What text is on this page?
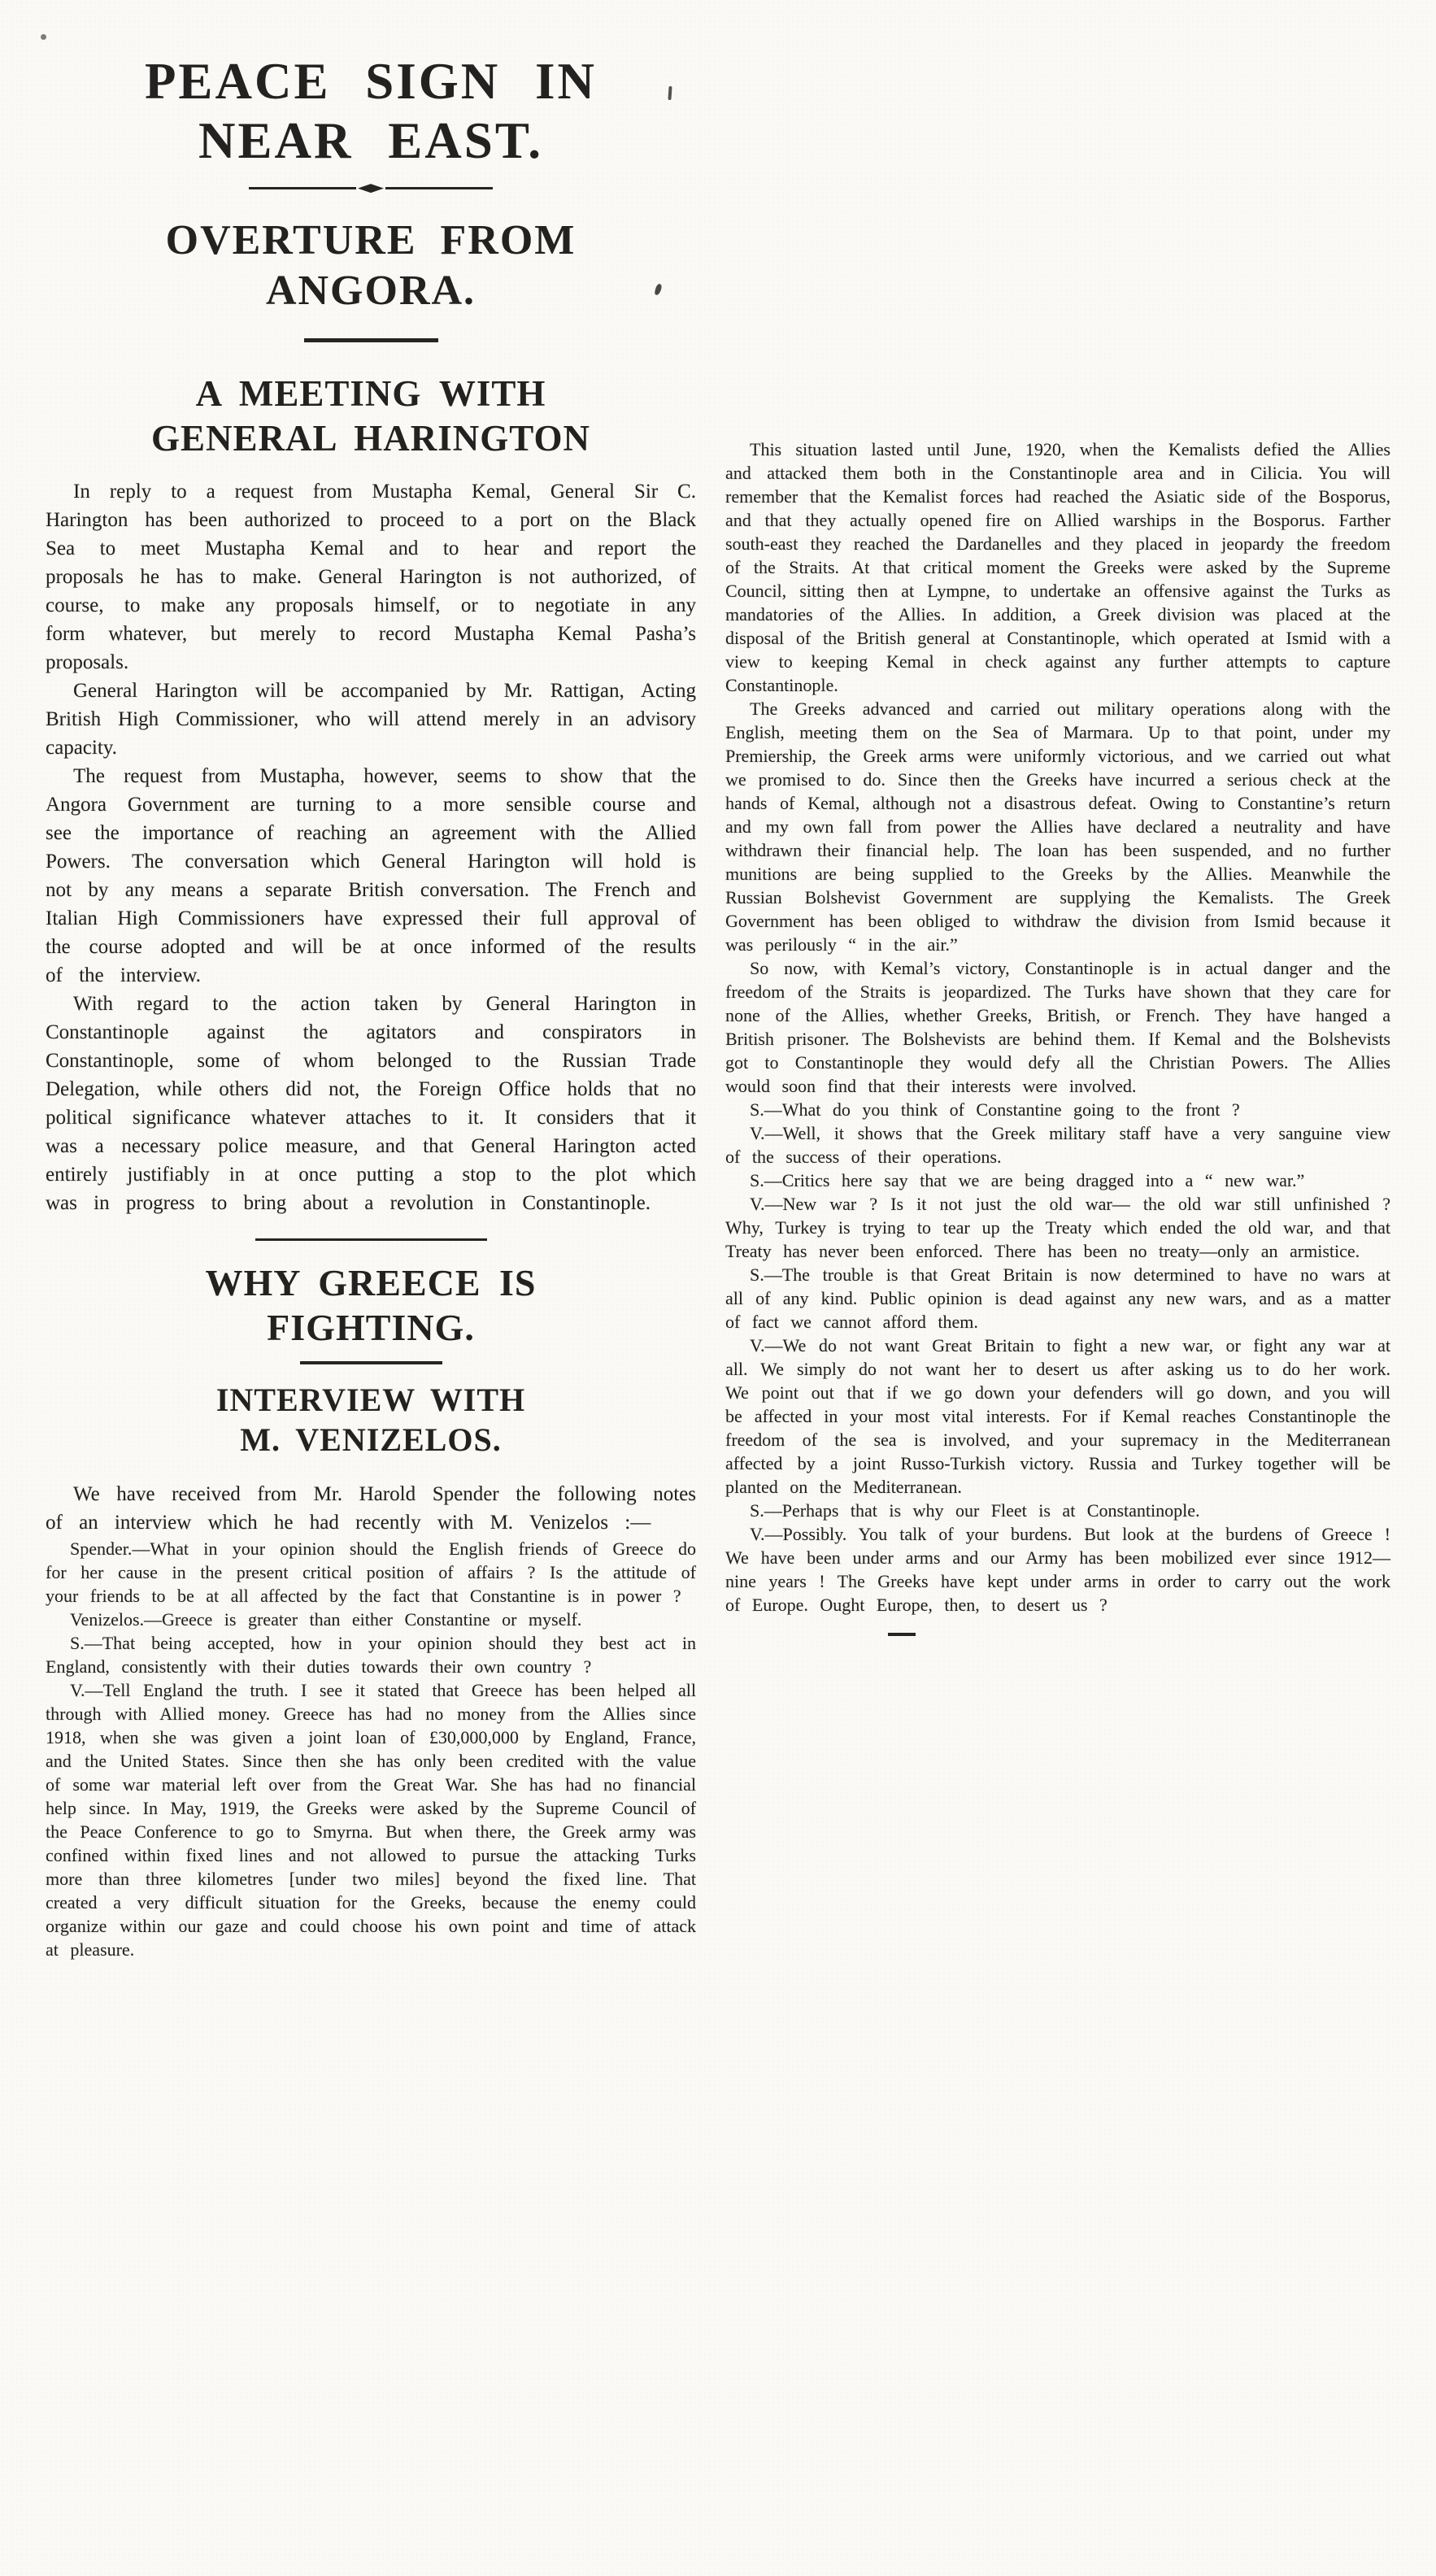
PEACE SIGN IN
NEAR EAST.
OVERTURE FROM
ANGORA.
A MEETING WITH
GENERAL HARINGTON

In reply to a request from Mustapha Kemal, General Sir C. Harington has been authorized to proceed to a port on the Black Sea to meet Mustapha Kemal and to hear and report the proposals he has to make. General Harington is not authorized, of course, to make any proposals himself, or to negotiate in any form whatever, but merely to record Mustapha Kemal Pasha’s proposals.

General Harington will be accompanied by Mr. Rattigan, Acting British High Commissioner, who will attend merely in an advisory capacity.

The request from Mustapha, however, seems to show that the Angora Government are turning to a more sensible course and see the importance of reaching an agreement with the Allied Powers. The conversation which General Harington will hold is not by any means a separate British conversation. The French and Italian High Commissioners have expressed their full approval of the course adopted and will be at once informed of the results of the interview.

With regard to the action taken by General Harington in Constantinople against the agitators and conspirators in Constantinople, some of whom belonged to the Russian Trade Delegation, while others did not, the Foreign Office holds that no political significance whatever attaches to it. It considers that it was a necessary police measure, and that General Harington acted entirely justifiably in at once putting a stop to the plot which was in progress to bring about a revolution in Constantinople.

WHY GREECE IS
FIGHTING.
INTERVIEW WITH
M. VENIZELOS.

We have received from Mr. Harold Spender the following notes of an interview which he had recently with M. Venizelos :—

Spender.—What in your opinion should the English friends of Greece do for her cause in the present critical position of affairs ? Is the attitude of your friends to be at all affected by the fact that Constantine is in power ?

Venizelos.—Greece is greater than either Constantine or myself.

S.—That being accepted, how in your opinion should they best act in England, consistently with their duties towards their own country ?

V.—Tell England the truth. I see it stated that Greece has been helped all through with Allied money. Greece has had no money from the Allies since 1918, when she was given a joint loan of £30,000,000 by England, France, and the United States. Since then she has only been credited with the value of some war material left over from the Great War. She has had no financial help since. In May, 1919, the Greeks were asked by the Supreme Council of the Peace Conference to go to Smyrna. But when there, the Greek army was confined within fixed lines and not allowed to pursue the attacking Turks more than three kilometres [under two miles] beyond the fixed line. That created a very difficult situation for the Greeks, because the enemy could organize within our gaze and could choose his own point and time of attack at pleasure.

This situation lasted until June, 1920, when the Kemalists defied the Allies and attacked them both in the Constantinople area and in Cilicia. You will remember that the Kemalist forces had reached the Asiatic side of the Bosporus, and that they actually opened fire on Allied warships in the Bosporus. Farther south-east they reached the Dardanelles and they placed in jeopardy the freedom of the Straits. At that critical moment the Greeks were asked by the Supreme Council, sitting then at Lympne, to undertake an offensive against the Turks as mandatories of the Allies. In addition, a Greek division was placed at the disposal of the British general at Constantinople, which operated at Ismid with a view to keeping Kemal in check against any further attempts to capture Constantinople.

The Greeks advanced and carried out military operations along with the English, meeting them on the Sea of Marmara. Up to that point, under my Premiership, the Greek arms were uniformly victorious, and we carried out what we promised to do. Since then the Greeks have incurred a serious check at the hands of Kemal, although not a disastrous defeat. Owing to Constantine’s return and my own fall from power the Allies have declared a neutrality and have withdrawn their financial help. The loan has been suspended, and no further munitions are being supplied to the Greeks by the Allies. Meanwhile the Russian Bolshevist Government are supplying the Kemalists. The Greek Government has been obliged to withdraw the division from Ismid because it was perilously “ in the air.”

So now, with Kemal’s victory, Constantinople is in actual danger and the freedom of the Straits is jeopardized. The Turks have shown that they care for none of the Allies, whether Greeks, British, or French. They have hanged a British prisoner. The Bolshevists are behind them. If Kemal and the Bolshevists got to Constantinople they would defy all the Christian Powers. The Allies would soon find that their interests were involved.

S.—What do you think of Constantine going to the front ?

V.—Well, it shows that the Greek military staff have a very sanguine view of the success of their operations.

S.—Critics here say that we are being dragged into a “ new war.”

V.—New war ? Is it not just the old war— the old war still unfinished ? Why, Turkey is trying to tear up the Treaty which ended the old war, and that Treaty has never been enforced. There has been no treaty—only an armistice.

S.—The trouble is that Great Britain is now determined to have no wars at all of any kind. Public opinion is dead against any new wars, and as a matter of fact we cannot afford them.

V.—We do not want Great Britain to fight a new war, or fight any war at all. We simply do not want her to desert us after asking us to do her work. We point out that if we go down your defenders will go down, and you will be affected in your most vital interests. For if Kemal reaches Constantinople the freedom of the sea is involved, and your supremacy in the Mediterranean affected by a joint Russo-Turkish victory. Russia and Turkey together will be planted on the Mediterranean.

S.—Perhaps that is why our Fleet is at Constantinople.

V.—Possibly. You talk of your burdens. But look at the burdens of Greece ! We have been under arms and our Army has been mobilized ever since 1912—nine years ! The Greeks have kept under arms in order to carry out the work of Europe. Ought Europe, then, to desert us ?
